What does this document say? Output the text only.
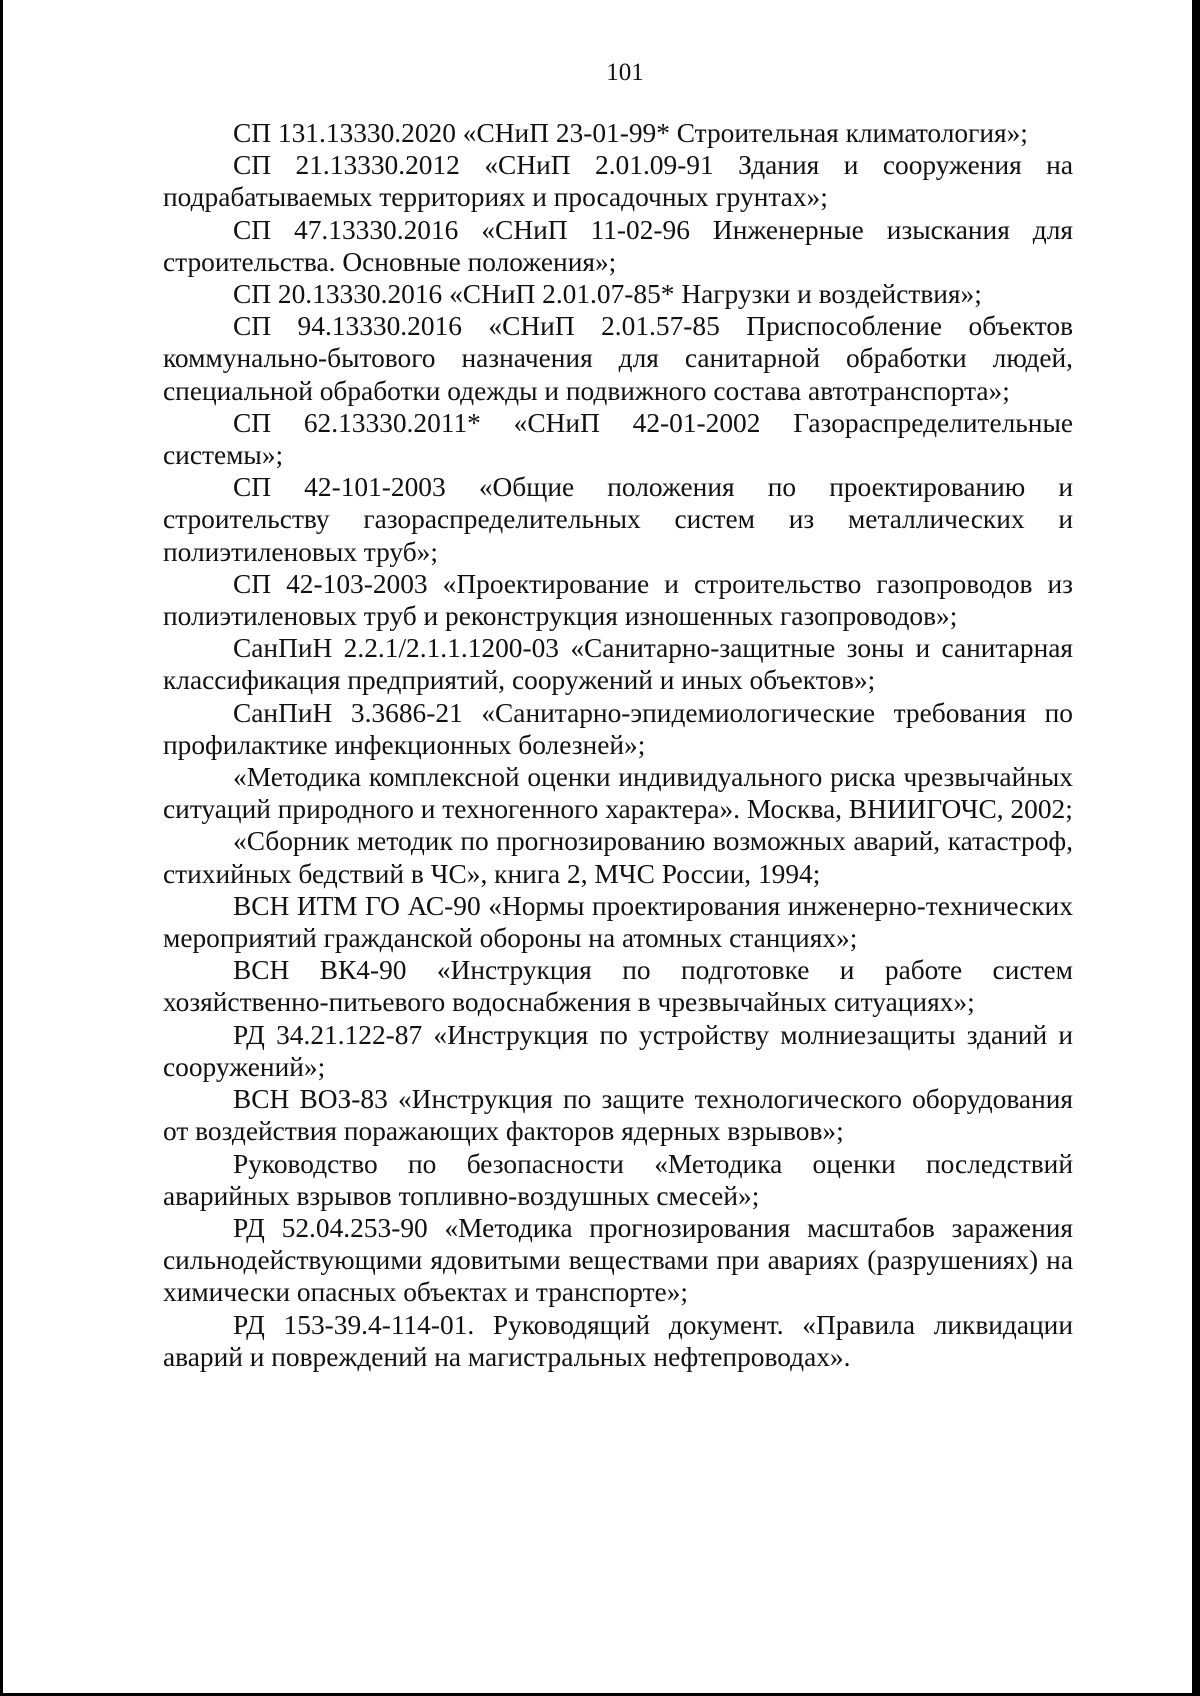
101

СП 131.13330.2020 «СНиП 23-01-99* Строительная климатология»;

СП 21.13330.2012 «СНиП 2.01.09-91 Здания и сооружения на подрабатываемых территориях и просадочных грунтах»;

СП 47.13330.2016 «СНиП 11-02-96 Инженерные изыскания для строительства. Основные положения»;

СП 20.13330.2016 «СНиП 2.01.07-85* Нагрузки и воздействия»;

СП 94.13330.2016 «СНиП 2.01.57-85 Приспособление объектов коммунально-бытового назначения для санитарной обработки людей, специальной обработки одежды и подвижного состава автотранспорта»;

СП 62.13330.2011* «СНиП 42-01-2002 Газораспределительные системы»;

СП 42-101-2003 «Общие положения по проектированию и строительству газораспределительных систем из металлических и полиэтиленовых труб»;

СП 42-103-2003 «Проектирование и строительство газопроводов из полиэтиленовых труб и реконструкция изношенных газопроводов»;

СанПиН 2.2.1/2.1.1.1200-03 «Санитарно-защитные зоны и санитарная классификация предприятий, сооружений и иных объектов»;

СанПиН 3.3686-21 «Санитарно-эпидемиологические требования по профилактике инфекционных болезней»;

«Методика комплексной оценки индивидуального риска чрезвычайных ситуаций природного и техногенного характера». Москва, ВНИИГОЧС, 2002;

«Сборник методик по прогнозированию возможных аварий, катастроф, стихийных бедствий в ЧС», книга 2, МЧС России, 1994;

ВСН ИТМ ГО АС-90 «Нормы проектирования инженерно-технических мероприятий гражданской обороны на атомных станциях»;

ВСН ВК4-90 «Инструкция по подготовке и работе систем хозяйственно-питьевого водоснабжения в чрезвычайных ситуациях»;

РД 34.21.122-87 «Инструкция по устройству молниезащиты зданий и сооружений»;

ВСН ВОЗ-83 «Инструкция по защите технологического оборудования от воздействия поражающих факторов ядерных взрывов»;

Руководство по безопасности «Методика оценки последствий аварийных взрывов топливно-воздушных смесей»;

РД 52.04.253-90 «Методика прогнозирования масштабов заражения сильнодействующими ядовитыми веществами при авариях (разрушениях) на химически опасных объектах и транспорте»;

РД 153-39.4-114-01. Руководящий документ. «Правила ликвидации аварий и повреждений на магистральных нефтепроводах».
